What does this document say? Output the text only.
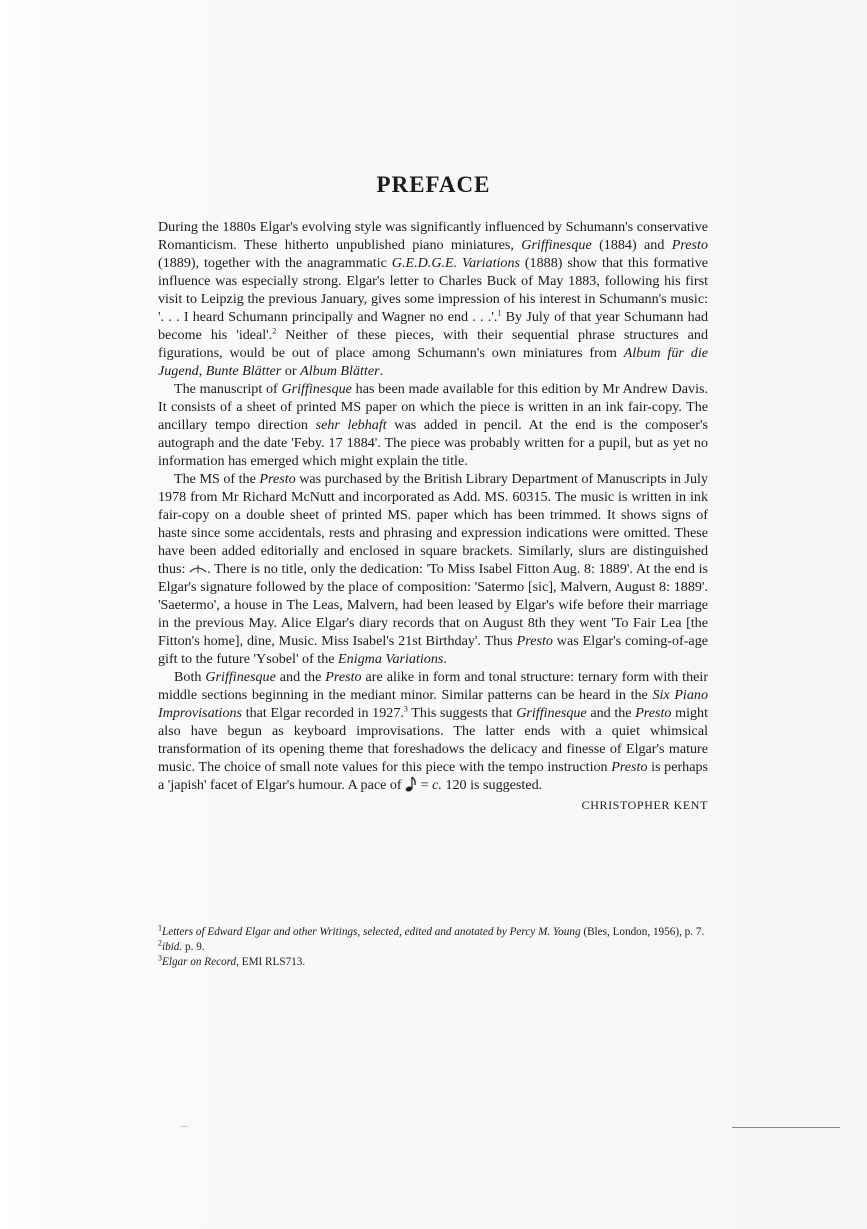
PREFACE

During the 1880s Elgar's evolving style was significantly influenced by Schumann's conservative Romanticism. These hitherto unpublished piano miniatures, Griffinesque (1884) and Presto (1889), together with the anagrammatic G.E.D.G.E. Variations (1888) show that this formative influence was especially strong. Elgar's letter to Charles Buck of May 1883, following his first visit to Leipzig the previous January, gives some impression of his interest in Schumann's music: '. . . I heard Schumann principally and Wagner no end . . .'.$^1$ By July of that year Schumann had become his 'ideal'.$^2$ Neither of these pieces, with their sequential phrase structures and figurations, would be out of place among Schumann's own miniatures from Album für die Jugend, Bunte Blätter or Album Blätter.

The manuscript of Griffinesque has been made available for this edition by Mr Andrew Davis. It consists of a sheet of printed MS paper on which the piece is written in an ink fair-copy. The ancillary tempo direction sehr lebhaft was added in pencil. At the end is the composer's autograph and the date 'Feby. 17 1884'. The piece was probably written for a pupil, but as yet no information has emerged which might explain the title.

The MS of the Presto was purchased by the British Library Department of Manuscripts in July 1978 from Mr Richard McNutt and incorporated as Add. MS. 60315. The music is written in ink fair-copy on a double sheet of printed MS. paper which has been trimmed. It shows signs of haste since some accidentals, rests and phrasing and expression indications were omitted. These have been added editorially and enclosed in square brackets. Similarly, slurs are distinguished thus: . There is no title, only the dedication: 'To Miss Isabel Fitton Aug. 8: 1889'. At the end is Elgar's signature followed by the place of composition: 'Satermo [sic], Malvern, August 8: 1889'. 'Saetermo', a house in The Leas, Malvern, had been leased by Elgar's wife before their marriage in the previous May. Alice Elgar's diary records that on August 8th they went 'To Fair Lea [the Fitton's home], dine, Music. Miss Isabel's 21st Birthday'. Thus Presto was Elgar's coming-of-age gift to the future 'Ysobel' of the Enigma Variations.

Both Griffinesque and the Presto are alike in form and tonal structure: ternary form with their middle sections beginning in the mediant minor. Similar patterns can be heard in the Six Piano Improvisations that Elgar recorded in 1927.$^3$ This suggests that Griffinesque and the Presto might also have begun as keyboard improvisations. The latter ends with a quiet whimsical transformation of its opening theme that foreshadows the delicacy and finesse of Elgar's mature music. The choice of small note values for this piece with the tempo instruction Presto is perhaps a 'japish' facet of Elgar's humour. A pace of  = c. 120 is suggested.

CHRISTOPHER KENT
$^1$Letters of Edward Elgar and other Writings, selected, edited and anotated by Percy M. Young (Bles, London, 1956), p. 7.
$^2$ibid. p. 9.
$^3$Elgar on Record, EMI RLS713.
